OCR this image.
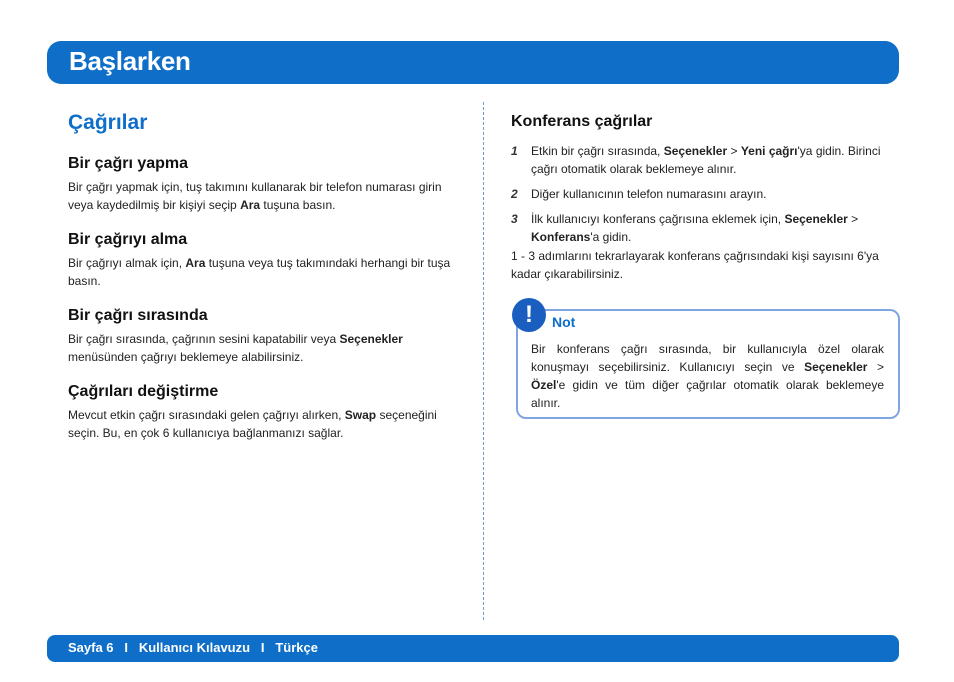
Başlarken
Çağrılar
Bir çağrı yapma

Bir çağrı yapmak için, tuş takımını kullanarak bir telefon numarası girin veya kaydedilmiş bir kişiyi seçip Ara tuşuna basın.

Bir çağrıyı alma

Bir çağrıyı almak için, Ara tuşuna veya tuş takımındaki herhangi bir tuşa basın.

Bir çağrı sırasında

Bir çağrı sırasında, çağrının sesini kapatabilir veya Seçenekler menüsünden çağrıyı beklemeye alabilirsiniz.

Çağrıları değiştirme

Mevcut etkin çağrı sırasındaki gelen çağrıyı alırken, Swap seçeneğini seçin. Bu, en çok 6 kullanıcıya bağlanmanızı sağlar.

Konferans çağrılar
1 Etkin bir çağrı sırasında, Seçenekler > Yeni çağrı'ya gidin. Birinci çağrı otomatik olarak beklemeye alınır.
2 Diğer kullanıcının telefon numarasını arayın.
3 İlk kullanıcıyı konferans çağrısına eklemek için, Seçenekler > Konferans'a gidin.

1 - 3 adımlarını tekrarlayarak konferans çağrısındaki kişi sayısını 6'ya kadar çıkarabilirsiniz.

!	Not

Bir konferans çağrı sırasında, bir kullanıcıyla özel olarak konuşmayı seçebilirsiniz. Kullanıcıyı seçin ve Seçenekler > Özel'e gidin ve tüm diğer çağrılar otomatik olarak beklemeye alınır.

Sayfa 6   I   Kullanıcı Kılavuzu   I   Türkçe
